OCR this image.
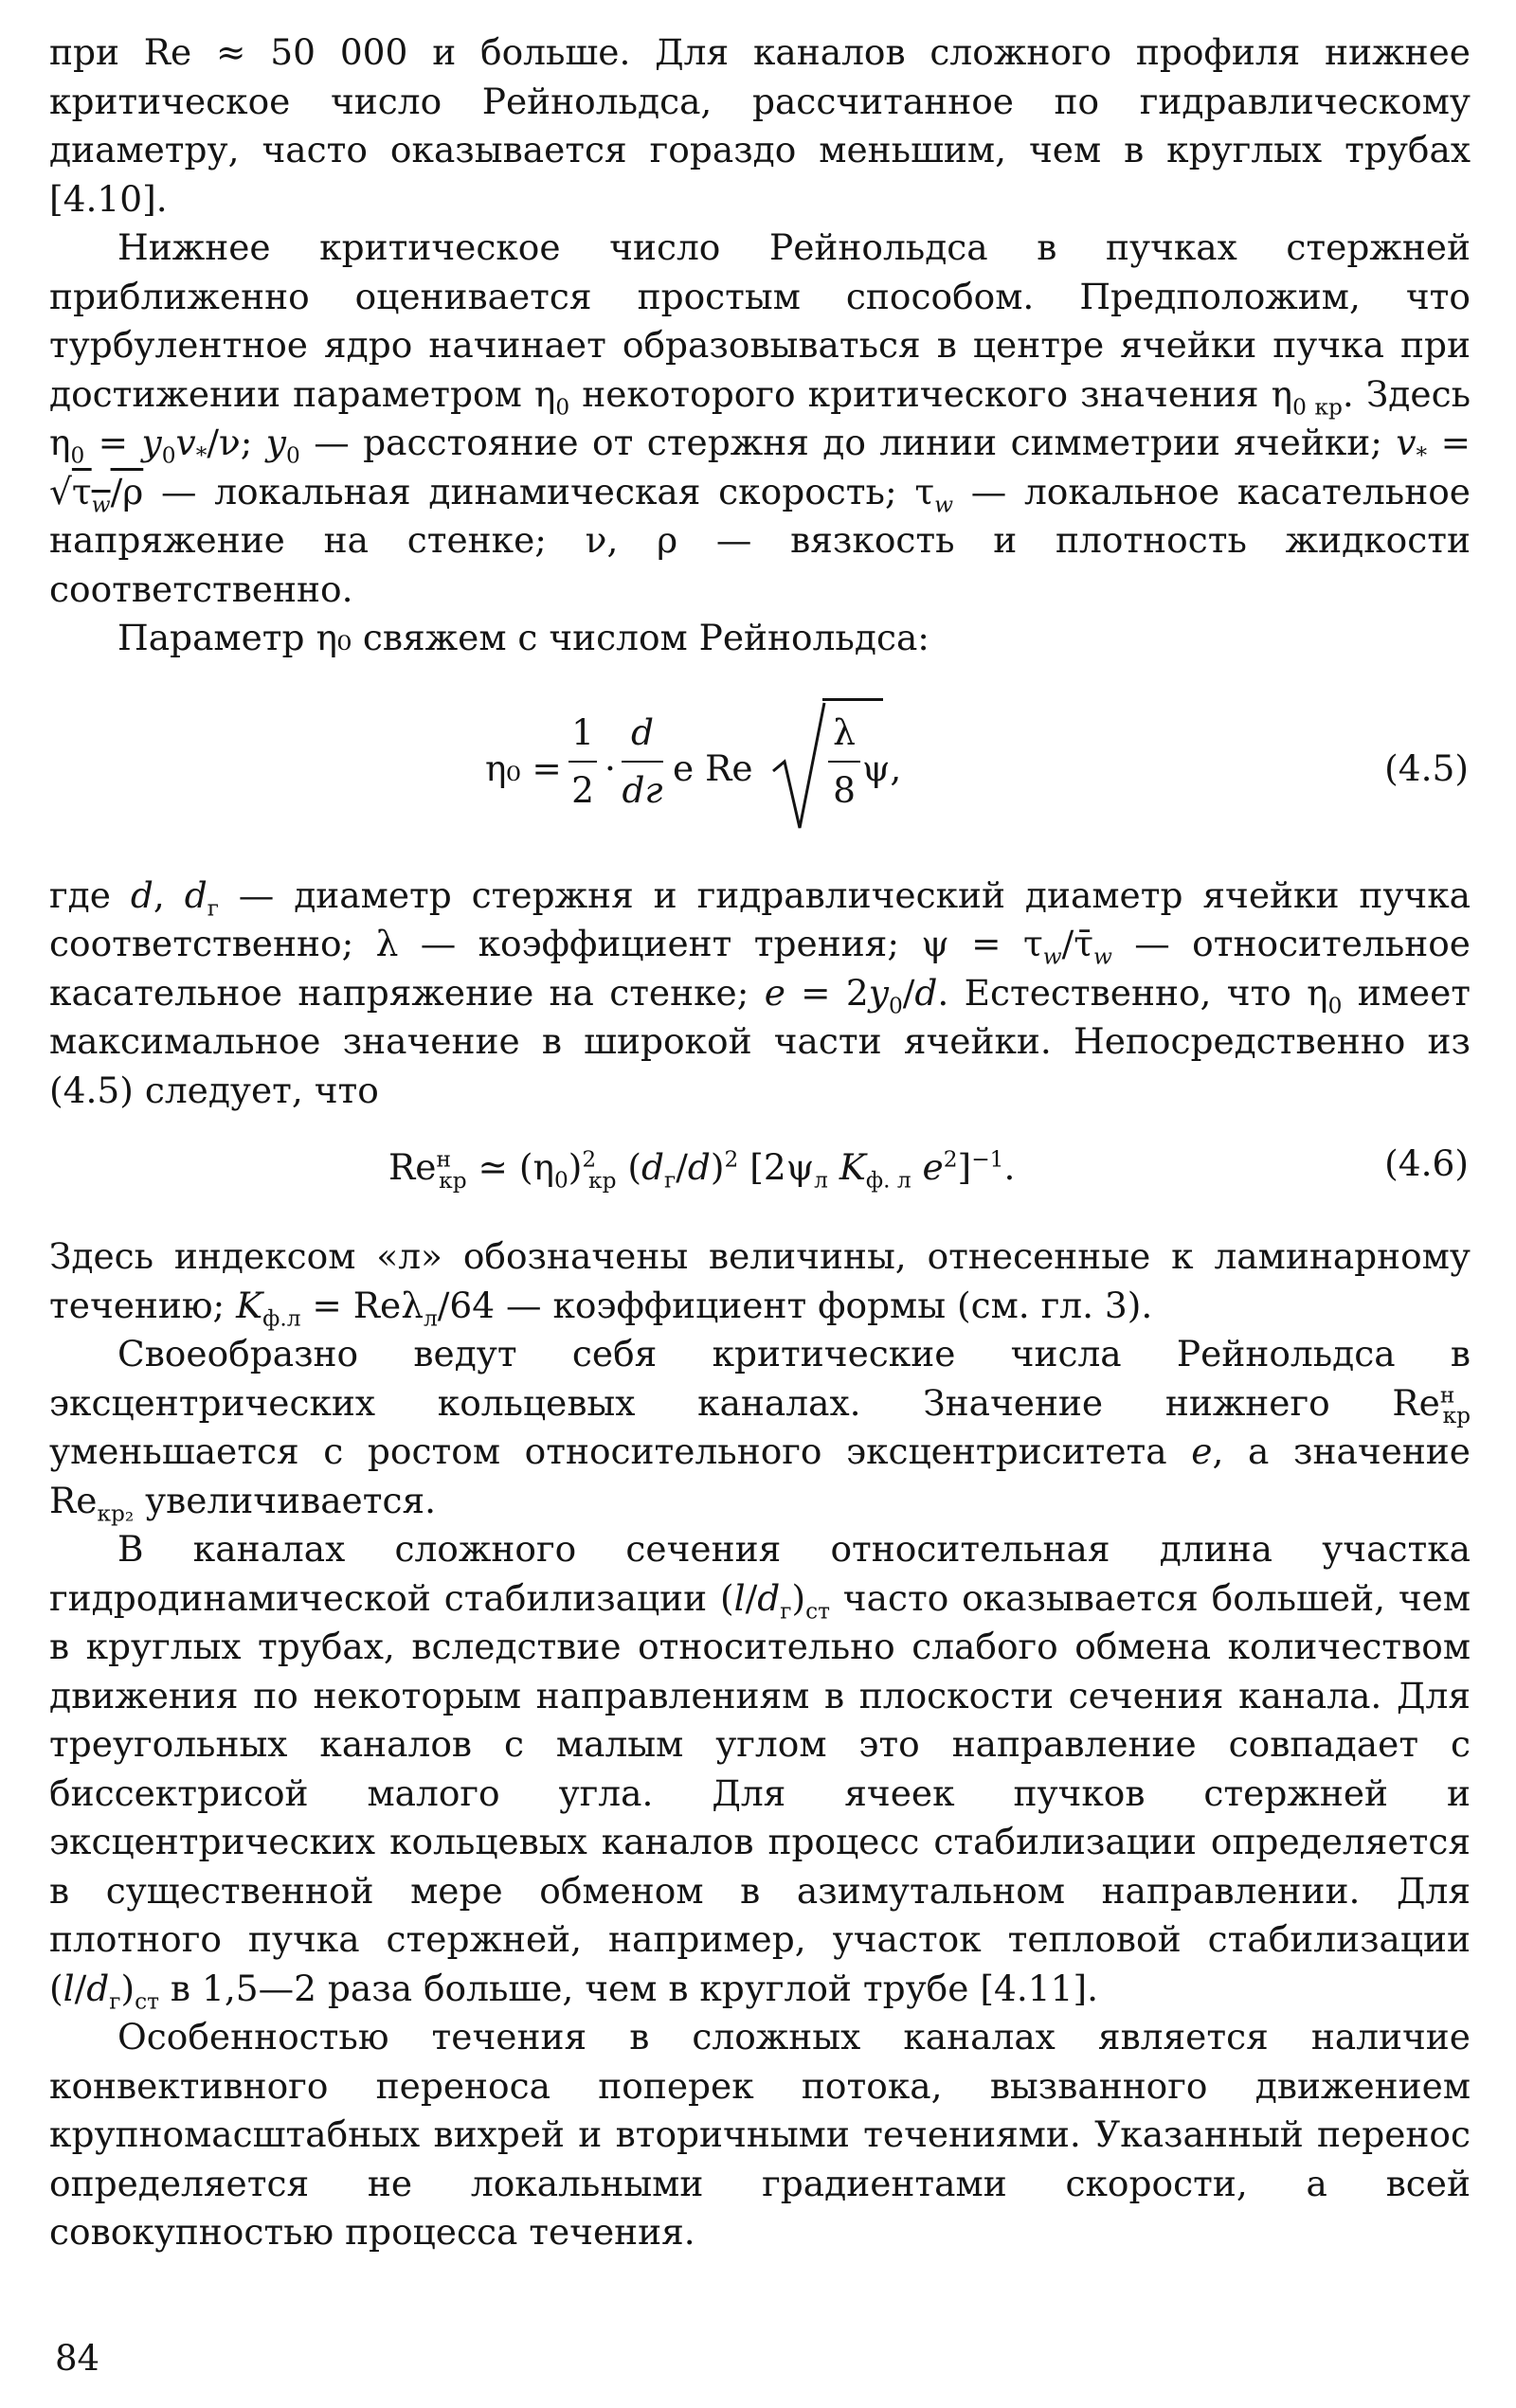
при Re ≈ 50 000 и больше. Для каналов сложного профиля нижнее критическое число Рейнольдса, рассчитанное по гидравлическому диаметру, часто оказывается гораздо меньшим, чем в круглых трубах [4.10].

Нижнее критическое число Рейнольдса в пучках стержней приближенно оценивается простым способом. Предположим, что турбулентное ядро начинает образовываться в центре ячейки пучка при достижении параметром $\eta_0$ некоторого критического значения $\eta_{0 кр}$. Здесь $\eta_0 = y_0v_*/\nu$; $y_0$ — расстояние от стержня до линии симметрии ячейки; $v_* = √\tau_w/\rho$ — локальная динамическая скорость; $\tau_w$ — локальное касательное напряжение на стенке; ν, ρ — вязкость и плотность жидкости соответственно.

Параметр η₀ свяжем с числом Рейнольдса:

η₀ =
1
2
·
d
dг
e Re
λ
8
ψ,	(4.5)

где d, $d_г$ — диаметр стержня и гидравлический диаметр ячейки пучка соответственно; λ — коэффициент трения; $\psi = \tau_w/\taū_w$ — относительное касательное напряжение на стенке; $e = 2y_0/d$. Естественно, что $\eta_0$ имеет максимальное значение в широкой части ячейки. Непосредственно из (4.5) следует, что

$Re^н_{кр}$ ≃ $(\eta_0)^2_{кр}$ $(d_г/d)^2$ [$2\psi_л$ $K_{ф. л}$ $e^2]^{-1}$.	(4.6)

Здесь индексом «л» обозначены величины, отнесенные к ламинарному течению; $K_{ф.л} = Re\lambda_л/64$ — коэффициент формы (см. гл. 3).

Своеобразно ведут себя критические числа Рейнольдса в эксцентрических кольцевых каналах. Значение нижнего $Re^н_{кр}$ уменьшается с ростом относительного эксцентриситета e, а значение $Re_{кр_2}$ увеличивается.

В каналах сложного сечения относительная длина участка гидродинамической стабилизации $(l/d_г)_{ст}$ часто оказывается большей, чем в круглых трубах, вследствие относительно слабого обмена количеством движения по некоторым направлениям в плоскости сечения канала. Для треугольных каналов с малым углом это направление совпадает с биссектрисой малого угла. Для ячеек пучков стержней и эксцентрических кольцевых каналов процесс стабилизации определяется в существенной мере обменом в азимутальном направлении. Для плотного пучка стержней, например, участок тепловой стабилизации $(l/d_г)_{ст}$ в 1,5—2 раза больше, чем в круглой трубе [4.11].

Особенностью течения в сложных каналах является наличие конвективного переноса поперек потока, вызванного движением крупномасштабных вихрей и вторичными течениями. Указанный перенос определяется не локальными градиентами скорости, а всей совокупностью процесса течения.

84
